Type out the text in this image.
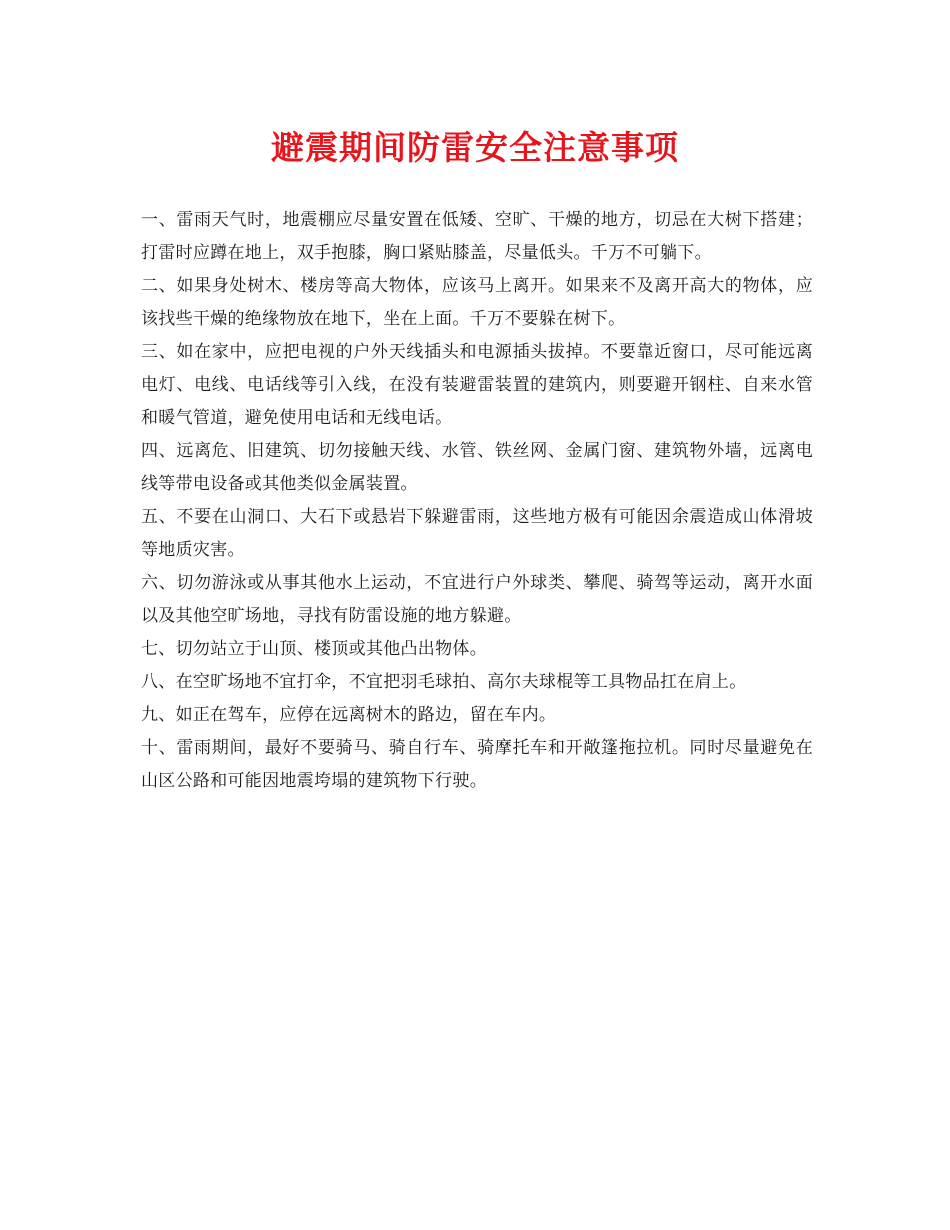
避震期间防雷安全注意事项

一、雷雨天气时，地震棚应尽量安置在低矮、空旷、干燥的地方，切忌在大树下搭建；打雷时应蹲在地上，双手抱膝，胸口紧贴膝盖，尽量低头。千万不可躺下。

二、如果身处树木、楼房等高大物体，应该马上离开。如果来不及离开高大的物体，应该找些干燥的绝缘物放在地下，坐在上面。千万不要躲在树下。

三、如在家中，应把电视的户外天线插头和电源插头拔掉。不要靠近窗口，尽可能远离电灯、电线、电话线等引入线，在没有装避雷装置的建筑内，则要避开钢柱、自来水管和暖气管道，避免使用电话和无线电话。

四、远离危、旧建筑、切勿接触天线、水管、铁丝网、金属门窗、建筑物外墙，远离电线等带电设备或其他类似金属装置。

五、不要在山洞口、大石下或悬岩下躲避雷雨，这些地方极有可能因余震造成山体滑坡等地质灾害。

六、切勿游泳或从事其他水上运动，不宜进行户外球类、攀爬、骑驾等运动，离开水面以及其他空旷场地，寻找有防雷设施的地方躲避。

七、切勿站立于山顶、楼顶或其他凸出物体。

八、在空旷场地不宜打伞，不宜把羽毛球拍、高尔夫球棍等工具物品扛在肩上。

九、如正在驾车，应停在远离树木的路边，留在车内。

十、雷雨期间，最好不要骑马、骑自行车、骑摩托车和开敞篷拖拉机。同时尽量避免在山区公路和可能因地震垮塌的建筑物下行驶。
